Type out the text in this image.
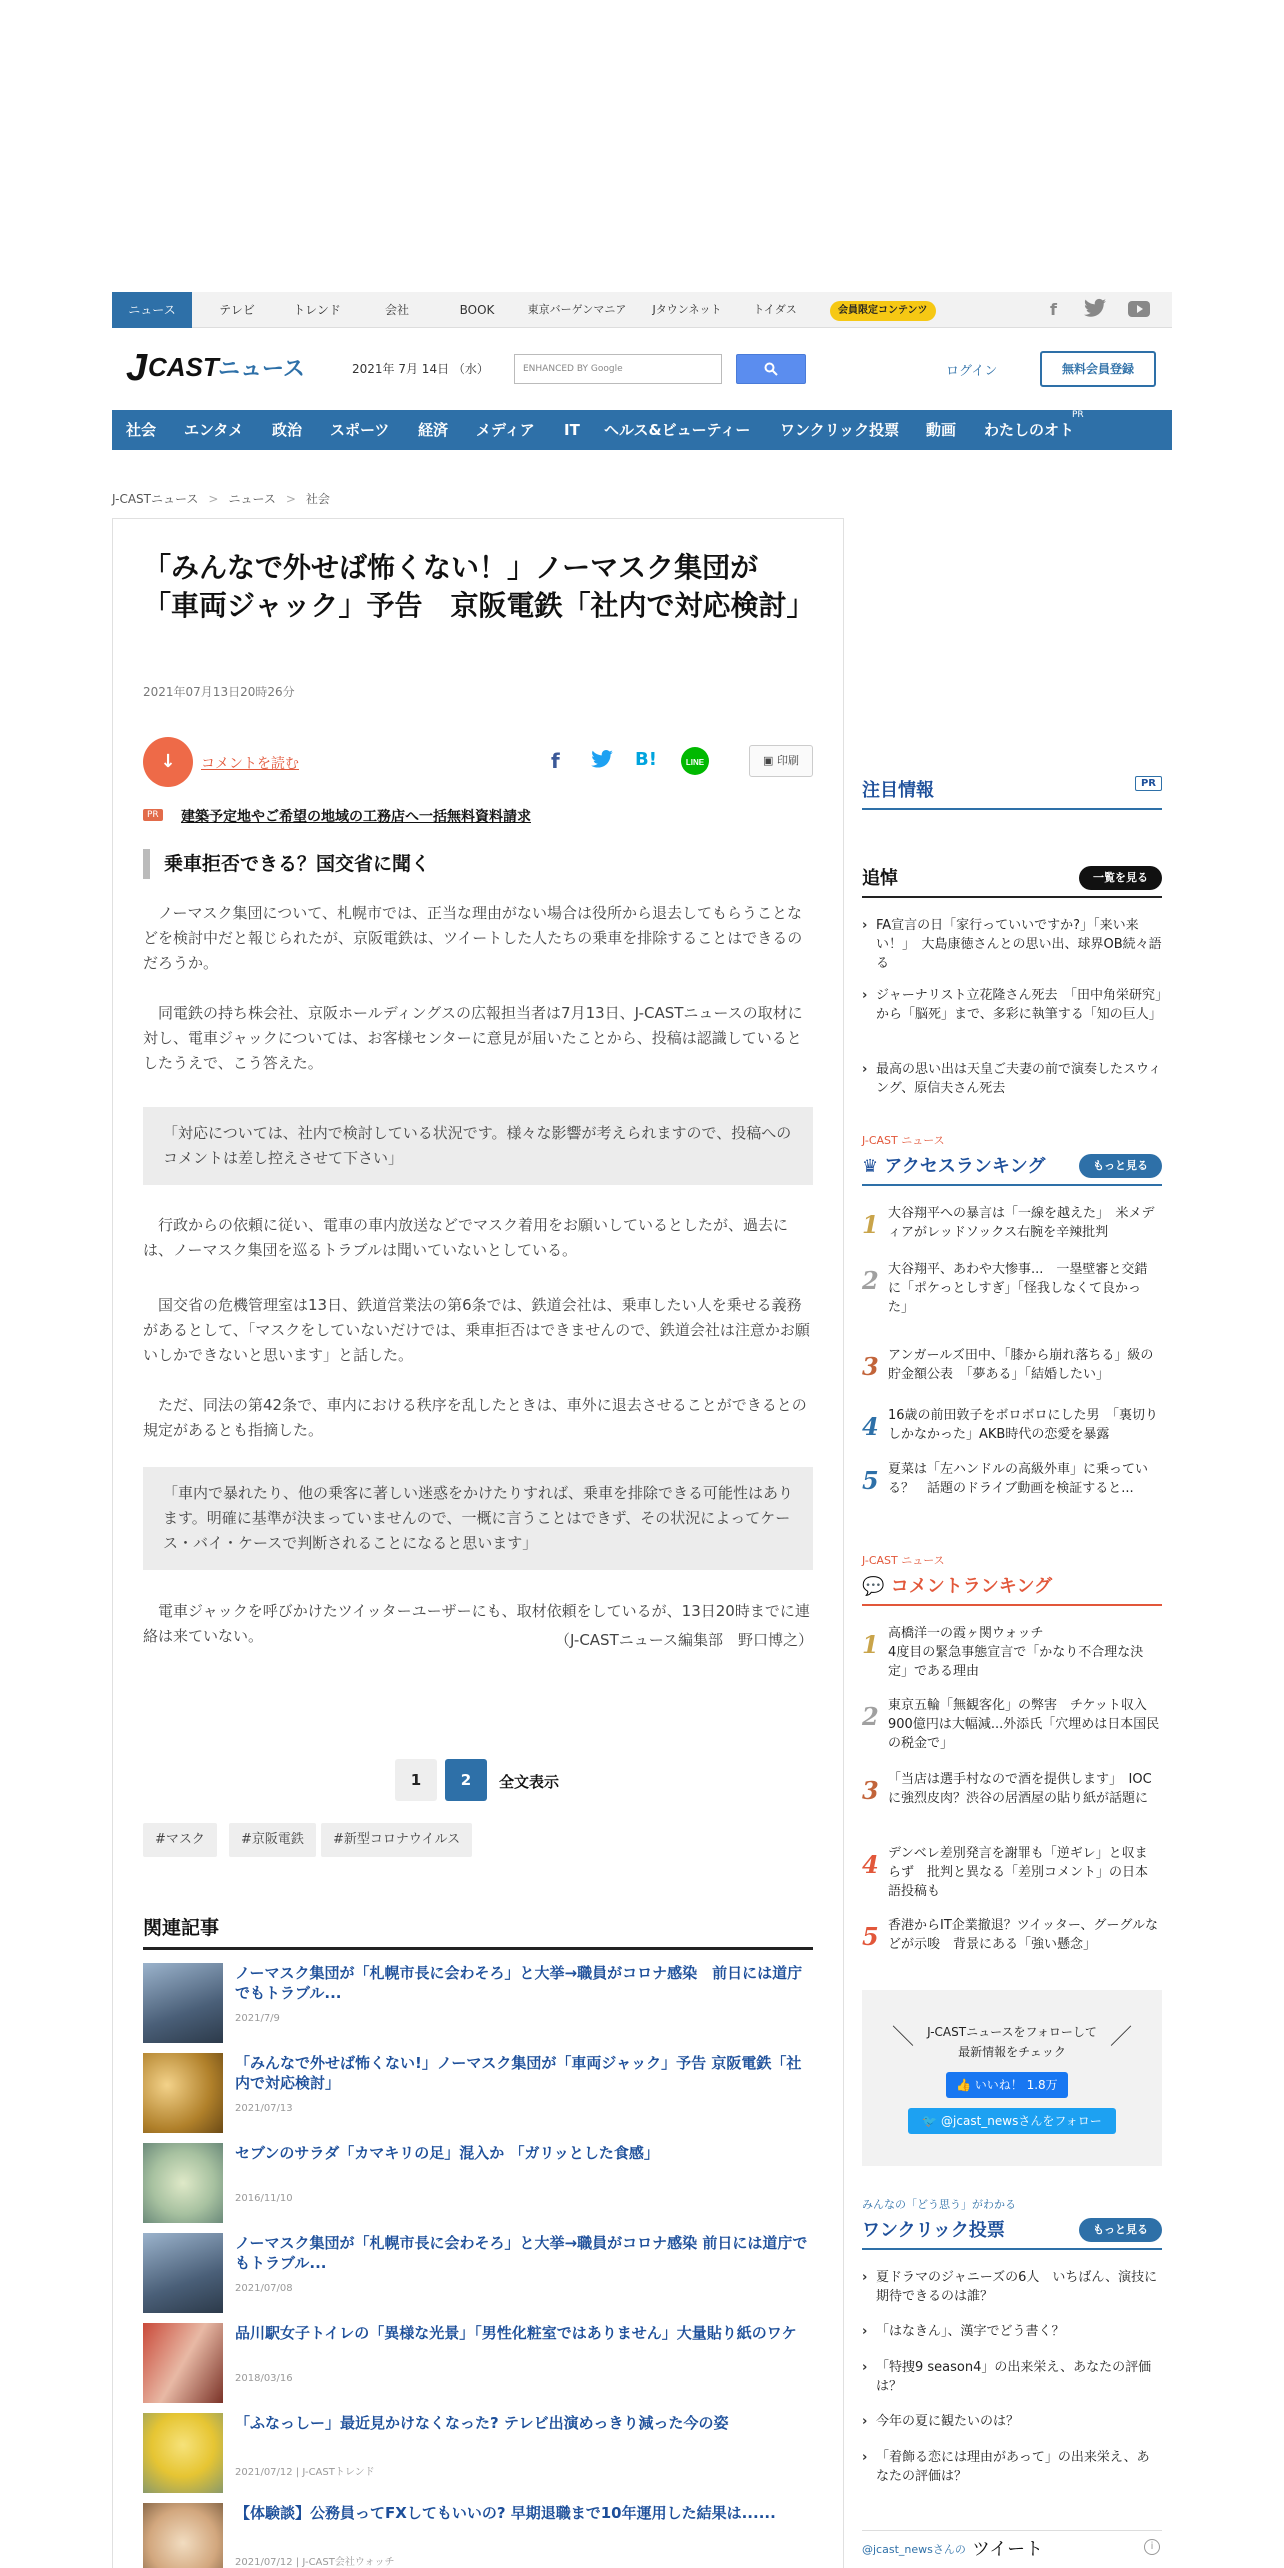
ニュース	テレビ	トレンド	会社	BOOK	東京バーゲンマニア	Jタウンネット	トイダス	会員限定コンテンツ	f
J CAST ニュース	2021年 7月 14日 （水）	ENHANCED BY Google	ログイン	無料会員登録
社会 エンタメ 政治 スポーツ 経済 メディア IT ヘルス&ビューティー ワンクリック投票 動画 わたしのオト
PR
J-CASTニュース > ニュース > 社会
「みんなで外せば怖くない！」ノーマスク集団が「車両ジャック」予告　京阪電鉄「社内で対応検討」
2021年07月13日20時26分
↓	コメントを読む	f	B!	LINE	▣ 印刷
PR 建築予定地やご希望の地域の工務店へ一括無料資料請求
乗車拒否できる？国交省に聞く

ノーマスク集団について、札幌市では、正当な理由がない場合は役所から退去してもらうことなどを検討中だと報じられたが、京阪電鉄は、ツイートした人たちの乗車を排除することはできるのだろうか。

同電鉄の持ち株会社、京阪ホールディングスの広報担当者は7月13日、J-CASTニュースの取材に対し、電車ジャックについては、お客様センターに意見が届いたことから、投稿は認識しているとしたうえで、こう答えた。

「対応については、社内で検討している状況です。様々な影響が考えられますので、投稿へのコメントは差し控えさせて下さい」

行政からの依頼に従い、電車の車内放送などでマスク着用をお願いしているとしたが、過去には、ノーマスク集団を巡るトラブルは聞いていないとしている。

国交省の危機管理室は13日、鉄道営業法の第6条では、鉄道会社は、乗車したい人を乗せる義務があるとして、「マスクをしていないだけでは、乗車拒否はできませんので、鉄道会社は注意かお願いしかできないと思います」と話した。

ただ、同法の第42条で、車内における秩序を乱したときは、車外に退去させることができるとの規定があるとも指摘した。

「車内で暴れたり、他の乗客に著しい迷惑をかけたりすれば、乗車を排除できる可能性はあります。明確に基準が決まっていませんので、一概に言うことはできず、その状況によってケース・バイ・ケースで判断されることになると思います」

電車ジャックを呼びかけたツイッターユーザーにも、取材依頼をしているが、13日20時までに連絡は来ていない。	（J-CASTニュース編集部　野口博之）
1	2	全文表示
#マスク	#京阪電鉄	#新型コロナウイルス
関連記事
ノーマスク集団が「札幌市長に会わそろ」と大挙→職員がコロナ感染　前日には道庁でもトラブル...
2021/7/9
「みんなで外せば怖くない!」ノーマスク集団が「車両ジャック」予告 京阪電鉄「社内で対応検討」
2021/07/13
セブンのサラダ「カマキリの足」混入か 「ガリッとした食感」
2016/11/10
ノーマスク集団が「札幌市長に会わそろ」と大挙→職員がコロナ感染 前日には道庁でもトラブル...
2021/07/08
品川駅女子トイレの「異様な光景」「男性化粧室ではありません」大量貼り紙のワケ
2018/03/16
「ふなっしー」最近見かけなくなった? テレビ出演めっきり減った今の姿
2021/07/12 | J-CASTトレンド
【体験談】公務員ってFXしてもいいの? 早期退職まで10年運用した結果は......
2021/07/12 | J-CAST会社ウォッチ
注目情報	PR
追悼	一覧を見る
› FA宣言の日「家行っていいですか?」「来い来い！」　大島康徳さんとの思い出、球界OB続々語る
› ジャーナリスト立花隆さん死去　「田中角栄研究」から「脳死」まで、多彩に執筆する「知の巨人」
› 最高の思い出は天皇ご夫妻の前で演奏したスウィング、原信夫さん死去
J-CAST ニュース
♛ アクセスランキング	もっと見る
1 大谷翔平への暴言は「一線を越えた」　米メディアがレッドソックス右腕を辛辣批判
2 大谷翔平、あわや大惨事...　一塁壁審と交錯に「ポケっとしすぎ」「怪我しなくて良かった」
3 アンガールズ田中、「膝から崩れ落ちる」級の貯金額公表　「夢ある」「結婚したい」
4 16歳の前田敦子をボロボロにした男　「裏切りしかなかった」AKB時代の恋愛を暴露
5 夏菜は「左ハンドルの高級外車」に乗っている？　話題のドライブ動画を検証すると...
J-CAST ニュース
💬 コメントランキング
1 高橋洋一の霞ヶ関ウォッチ
4度目の緊急事態宣言で「かなり不合理な決定」である理由
2 東京五輪「無観客化」の弊害　チケット収入900億円は大幅減...外添氏「穴埋めは日本国民の税金で」
3 「当店は選手村なので酒を提供します」　IOCに強烈皮肉？渋谷の居酒屋の貼り紙が話題に
4 デンベレ差別発言を謝罪も「逆ギレ」と収まらず　批判と異なる「差別コメント」の日本語投稿も
5 香港からIT企業撤退？ツイッター、グーグルなどが示唆　背景にある「強い懸念」
＼	J-CASTニュースをフォローして
最新情報をチェック
／
👍 いいね！ 1.8万
🐦 @jcast_newsさんをフォロー
みんなの「どう思う」がわかる
ワンクリック投票	もっと見る
› 夏ドラマのジャニーズの6人　いちばん、演技に期待できるのは誰？
› 「はなきん」、漢字でどう書く？
› 「特捜9 season4」の出来栄え、あなたの評価は？
› 今年の夏に観たいのは？
› 「着飾る恋には理由があって」の出来栄え、あなたの評価は？
@jcast_newsさんの ツイート	i
